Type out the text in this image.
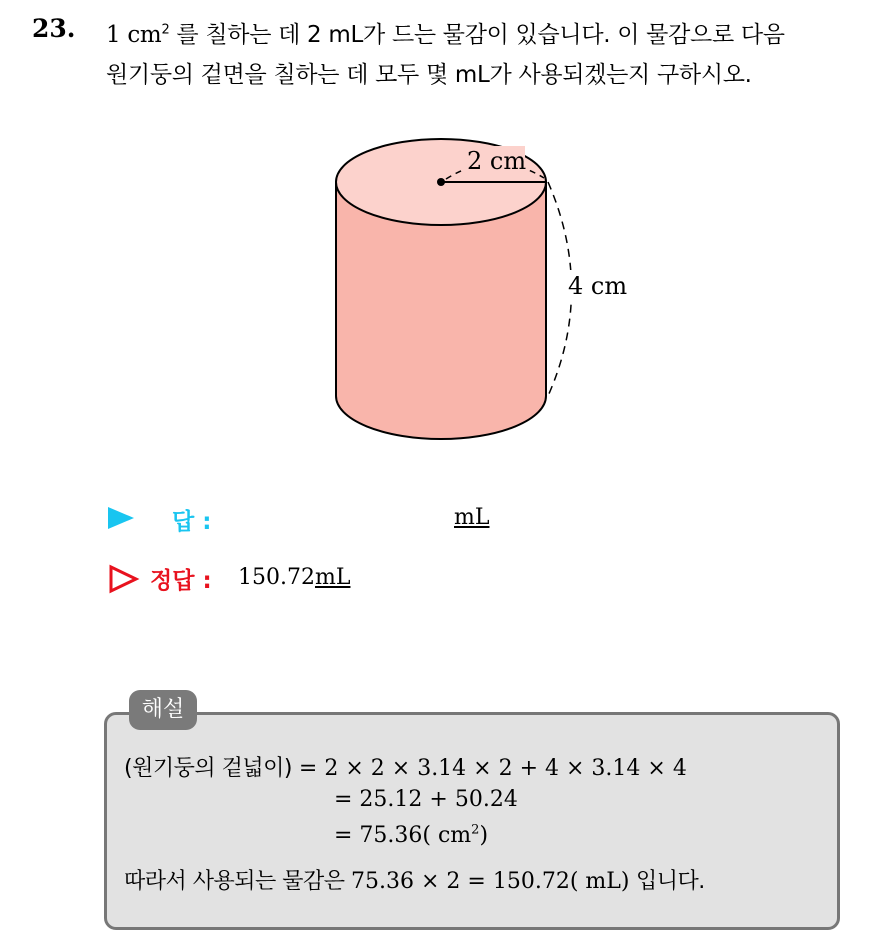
23. 1 $cm^2$ 를 칠하는 데 2 mL가 드는 물감이 있습니다. 이 물감으로 다음
원기둥의 겉면을 칠하는 데 모두 몇 mL가 사용되겠는지 구하시오.
2 cm
4 cm
답 :	mL
정답 : 150.72mL
해설
(원기둥의 겉넓이) = 2 × 2 × 3.14 × 2 + 4 × 3.14 × 4
= 25.12 + 50.24
= 75.36( $cm^2$)
따라서 사용되는 물감은 75.36 × 2 = 150.72( mL) 입니다.
